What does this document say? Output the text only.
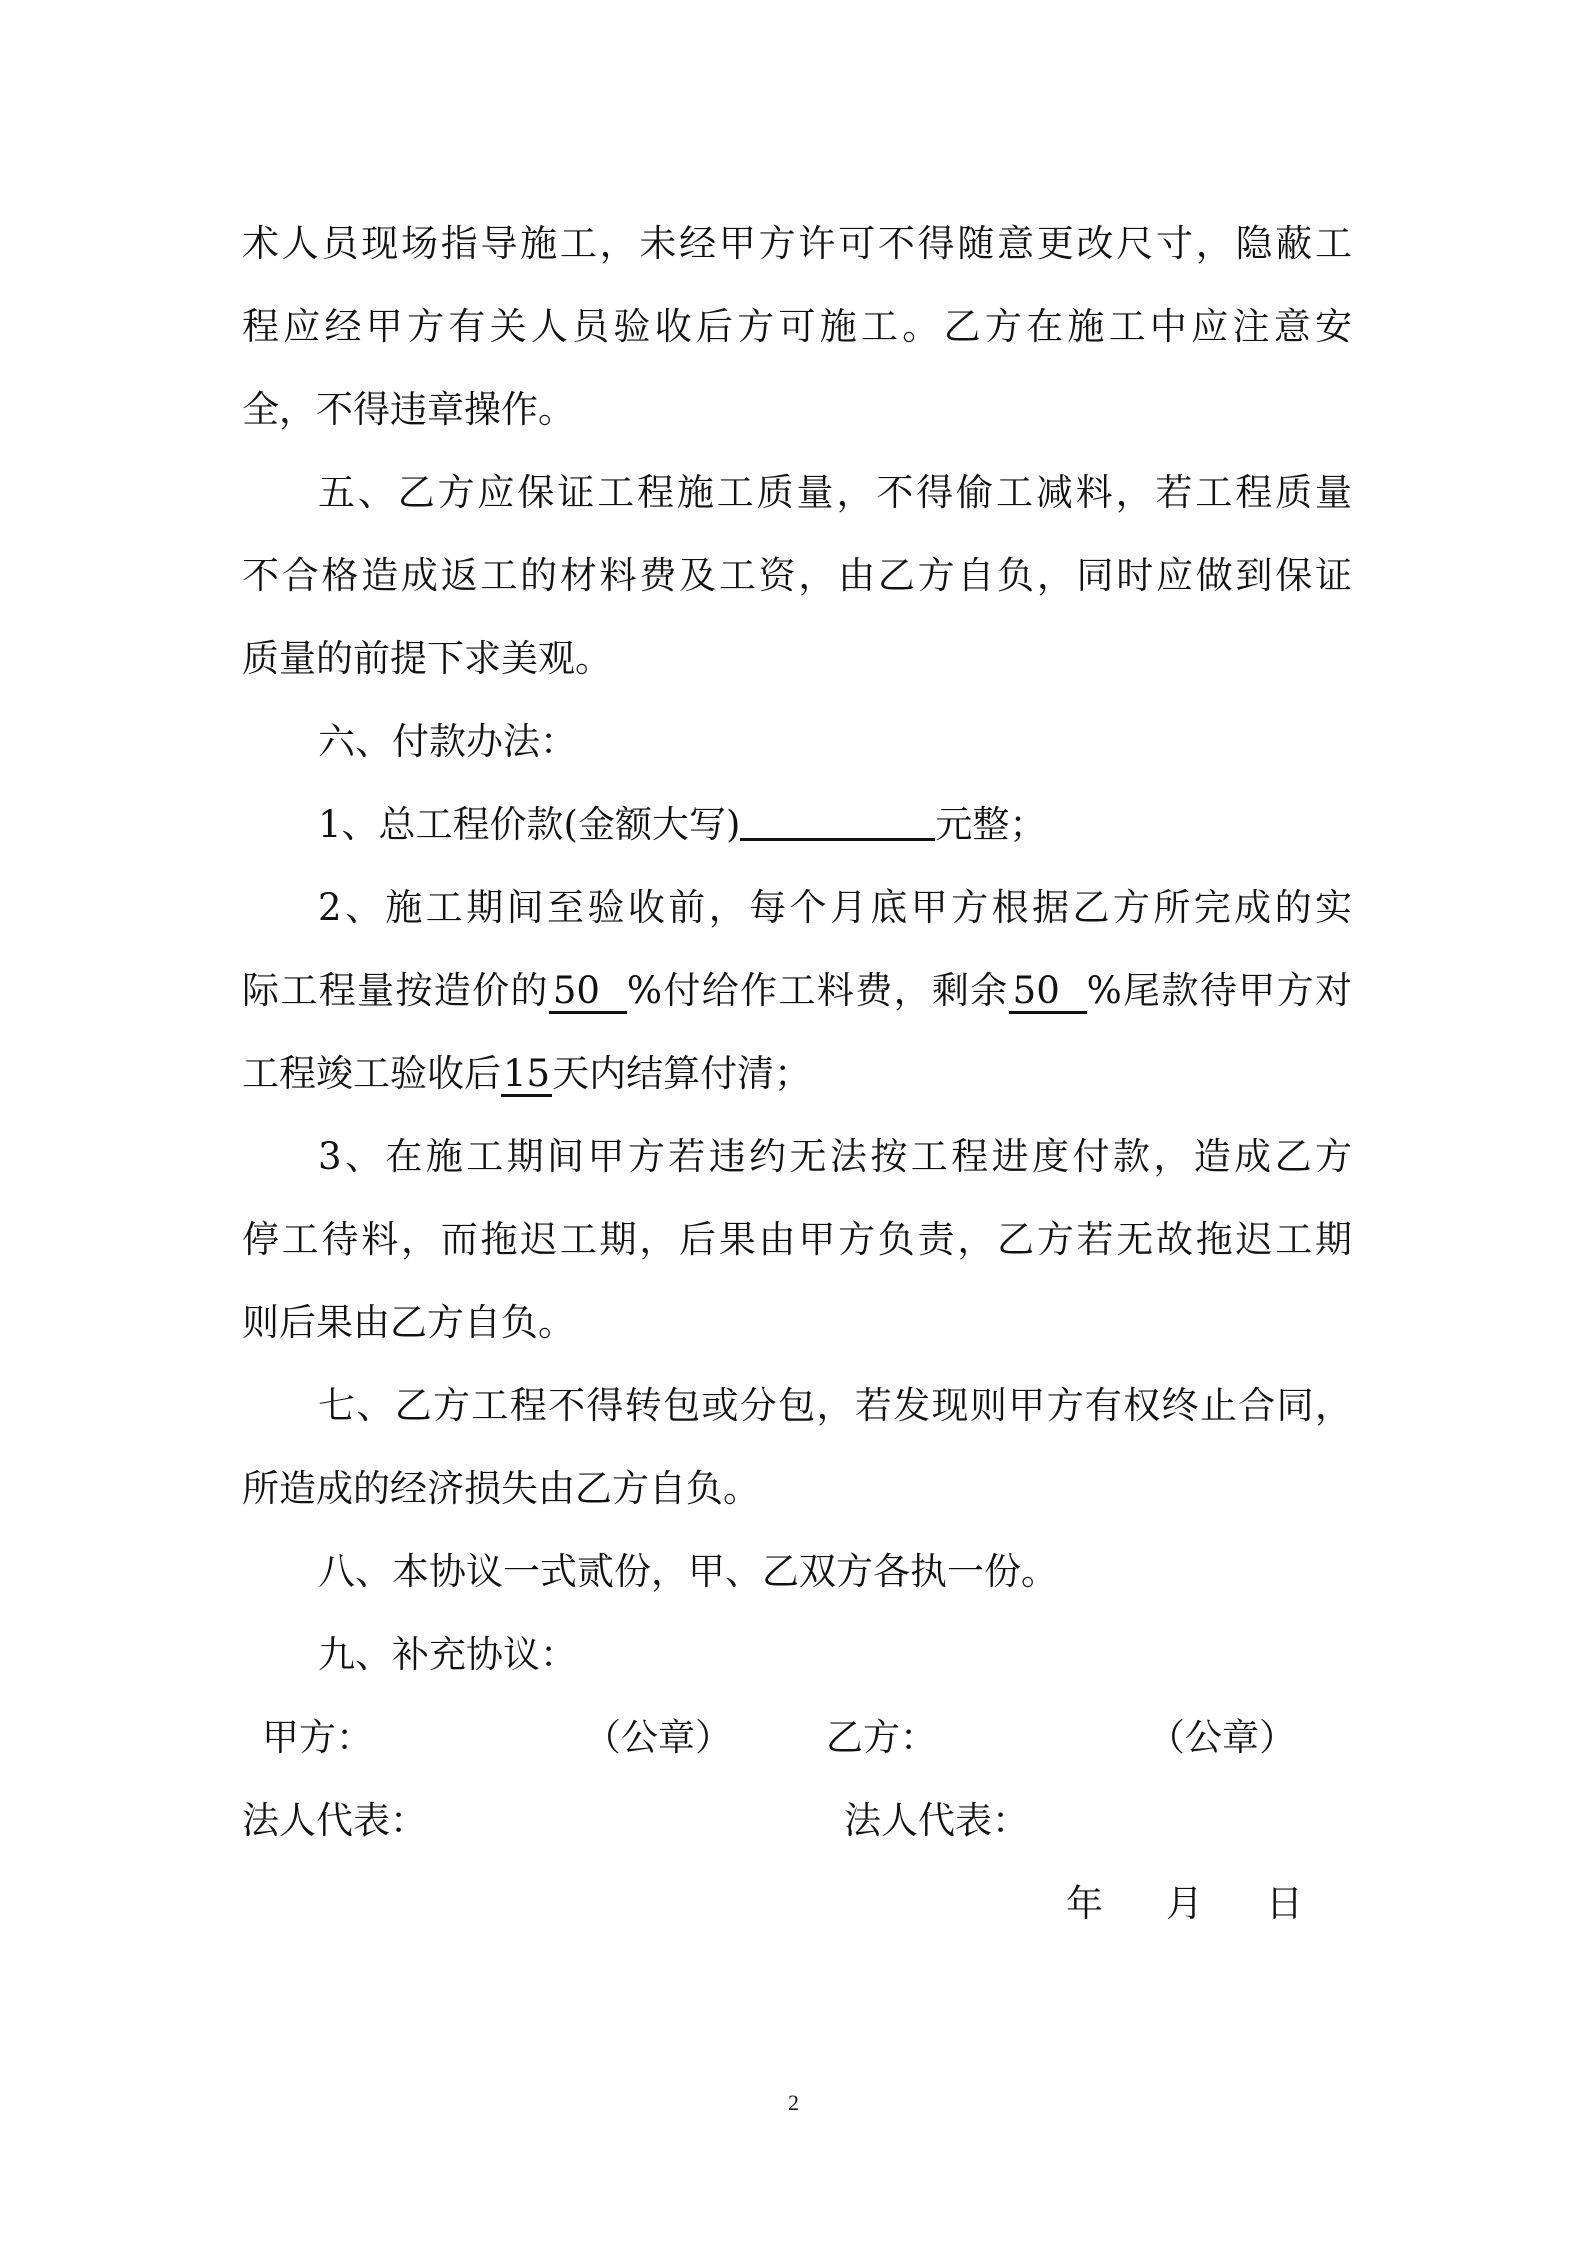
术人员现场指导施工，未经甲方许可不得随意更改尺寸，隐蔽工
程应经甲方有关人员验收后方可施工。乙方在施工中应注意安
全，不得违章操作。
五、乙方应保证工程施工质量，不得偷工减料，若工程质量
不合格造成返工的材料费及工资，由乙方自负，同时应做到保证
质量的前提下求美观。
六、付款办法：
1、总工程价款(金额大写)	元整；
2、施工期间至验收前，每个月底甲方根据乙方所完成的实
际工程量按造价的 50 %付给作工料费，剩余 50 %尾款待甲方对
工程竣工验收后15天内结算付清；
3、在施工期间甲方若违约无法按工程进度付款，造成乙方
停工待料，而拖迟工期，后果由甲方负责，乙方若无故拖迟工期
则后果由乙方自负。
七、乙方工程不得转包或分包，若发现则甲方有权终止合同，
所造成的经济损失由乙方自负。
八、本协议一式贰份，甲、乙双方各执一份。
九、补充协议：
甲方：	（公章）	乙方：	（公章）
法人代表：	法人代表：
年 月 日
2
